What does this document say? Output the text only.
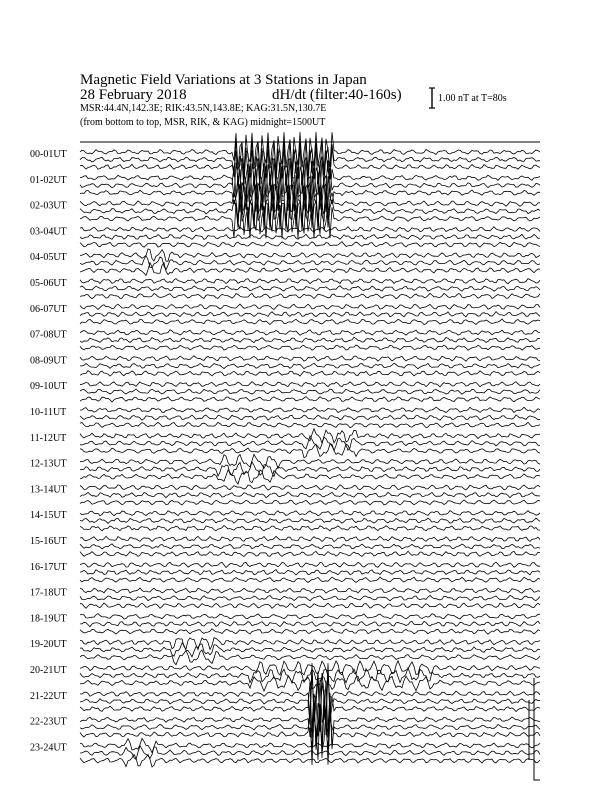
00-01UT
01-02UT
02-03UT
03-04UT
04-05UT
05-06UT
06-07UT
07-08UT
08-09UT
09-10UT
10-11UT
11-12UT
12-13UT
13-14UT
14-15UT
15-16UT
16-17UT
17-18UT
18-19UT
19-20UT
20-21UT
21-22UT
22-23UT
23-24UT
Magnetic Field Variations at 3 Stations in Japan
28 February 2018	dH/dt (filter:40-160s)
MSR:44.4N,142.3E; RIK:43.5N,143.8E; KAG:31.5N,130.7E
(from bottom to top, MSR, RIK, & KAG) midnight=1500UT
1.00 nT at T=80s
